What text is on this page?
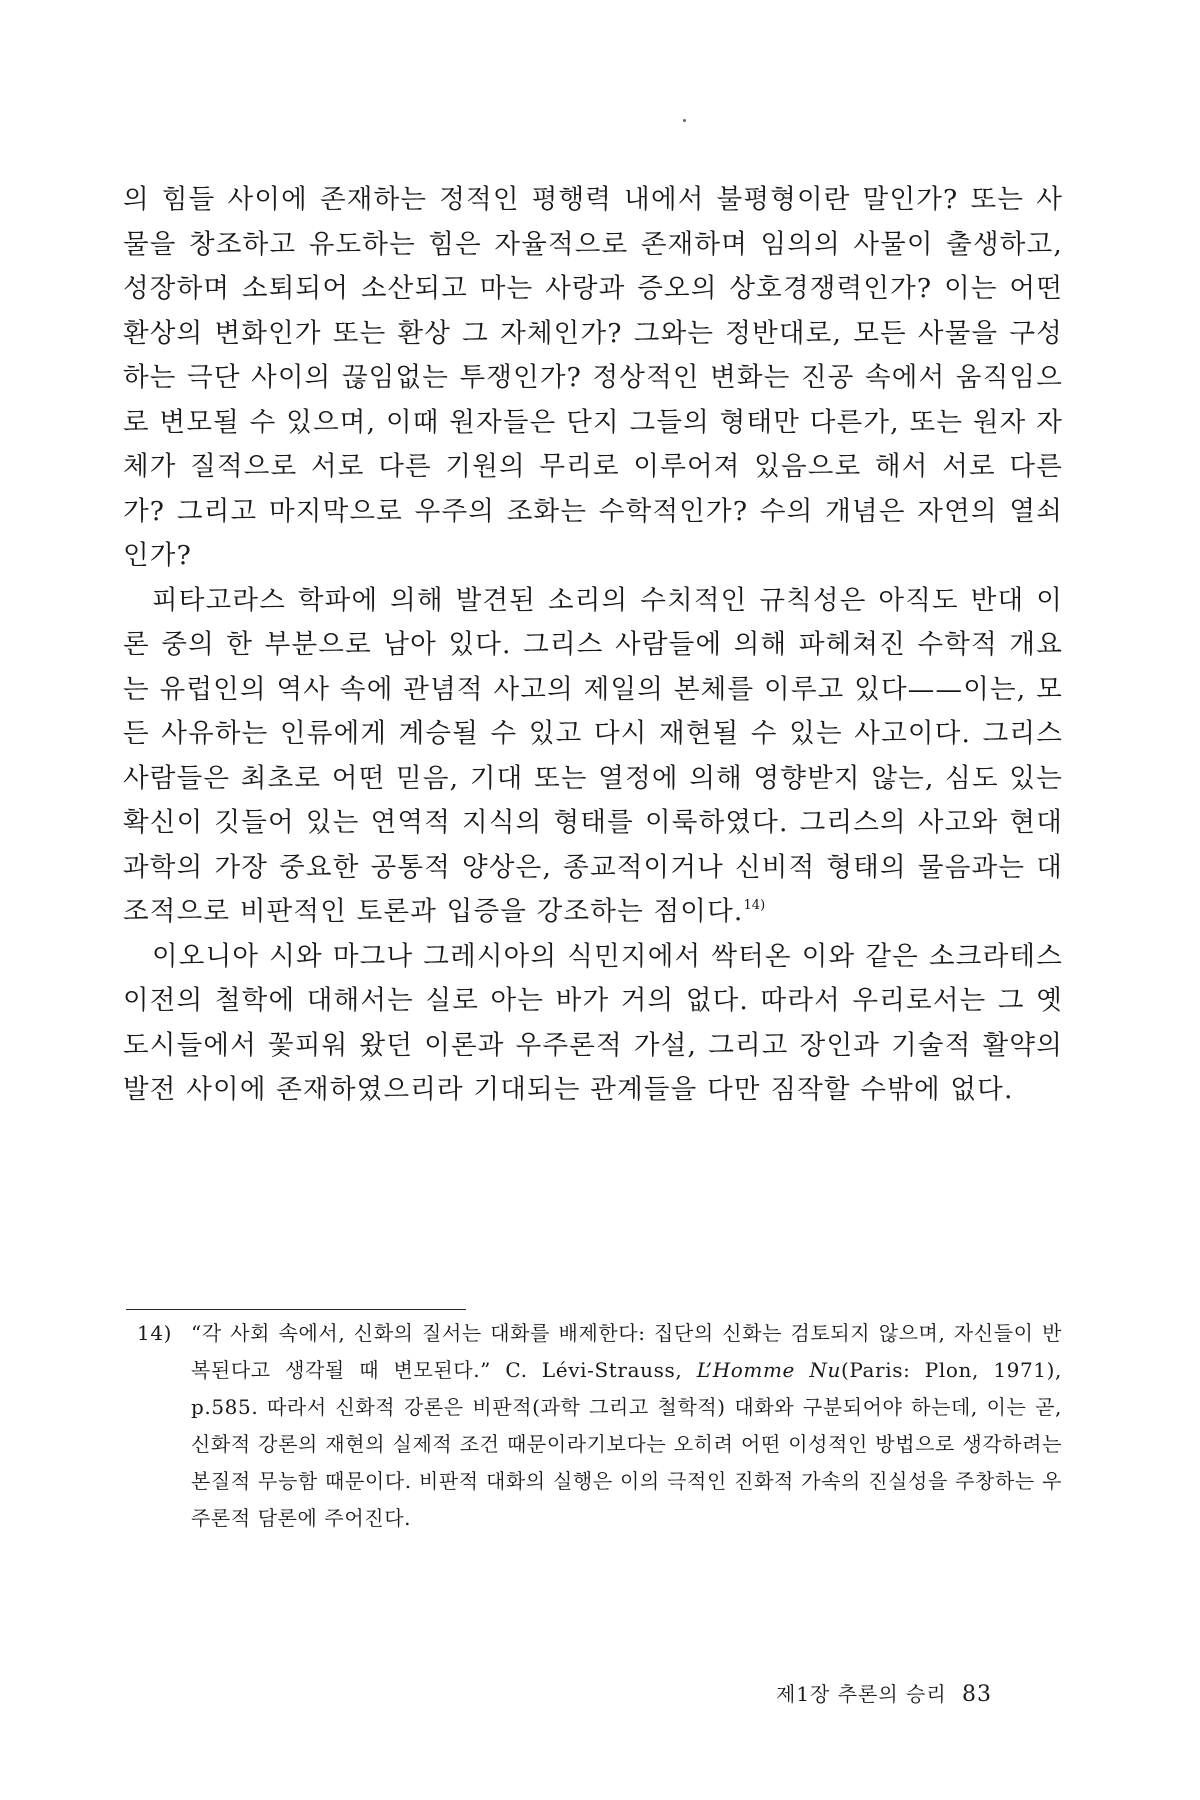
의 힘들 사이에 존재하는 정적인 평행력 내에서 불평형이란 말인가? 또는 사물을 창조하고 유도하는 힘은 자율적으로 존재하며 임의의 사물이 출생하고, 성장하며 소퇴되어 소산되고 마는 사랑과 증오의 상호경쟁력인가? 이는 어떤 환상의 변화인가 또는 환상 그 자체인가? 그와는 정반대로, 모든 사물을 구성하는 극단 사이의 끊임없는 투쟁인가? 정상적인 변화는 진공 속에서 움직임으로 변모될 수 있으며, 이때 원자들은 단지 그들의 형태만 다른가, 또는 원자 자체가 질적으로 서로 다른 기원의 무리로 이루어져 있음으로 해서 서로 다른가? 그리고 마지막으로 우주의 조화는 수학적인가? 수의 개념은 자연의 열쇠인가?

피타고라스 학파에 의해 발견된 소리의 수치적인 규칙성은 아직도 반대 이론 중의 한 부분으로 남아 있다. 그리스 사람들에 의해 파헤쳐진 수학적 개요는 유럽인의 역사 속에 관념적 사고의 제일의 본체를 이루고 있다——이는, 모든 사유하는 인류에게 계승될 수 있고 다시 재현될 수 있는 사고이다. 그리스 사람들은 최초로 어떤 믿음, 기대 또는 열정에 의해 영향받지 않는, 심도 있는 확신이 깃들어 있는 연역적 지식의 형태를 이룩하였다. 그리스의 사고와 현대과학의 가장 중요한 공통적 양상은, 종교적이거나 신비적 형태의 물음과는 대조적으로 비판적인 토론과 입증을 강조하는 점이다.$^{14)}$

이오니아 시와 마그나 그레시아의 식민지에서 싹터온 이와 같은 소크라테스 이전의 철학에 대해서는 실로 아는 바가 거의 없다. 따라서 우리로서는 그 옛 도시들에서 꽃피워 왔던 이론과 우주론적 가설, 그리고 장인과 기술적 활약의 발전 사이에 존재하였으리라 기대되는 관계들을 다만 짐작할 수밖에 없다.

14) “각 사회 속에서, 신화의 질서는 대화를 배제한다: 집단의 신화는 검토되지 않으며, 자신들이 반복된다고 생각될 때 변모된다.” C. Lévi-Strauss, L’Homme Nu(Paris: Plon, 1971), p.585. 따라서 신화적 강론은 비판적(과학 그리고 철학적) 대화와 구분되어야 하는데, 이는 곧, 신화적 강론의 재현의 실제적 조건 때문이라기보다는 오히려 어떤 이성적인 방법으로 생각하려는 본질적 무능함 때문이다. 비판적 대화의 실행은 이의 극적인 진화적 가속의 진실성을 주창하는 우주론적 담론에 주어진다.

제1장 추론의 승리 83
